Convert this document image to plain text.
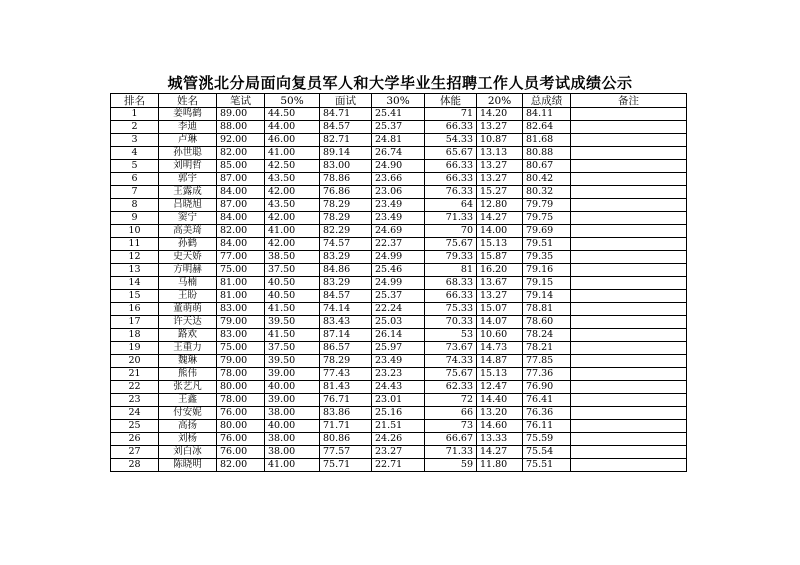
城管洮北分局面向复员军人和大学毕业生招聘工作人员考试成绩公示
排名	姓名	笔试	50%	面试	30%	体能	20%	总成绩	备注
1	姜鸣鹤	89.00	44.50	84.71	25.41	71	14.20	84.11	
2	李迪	88.00	44.00	84.57	25.37	66.33	13.27	82.64	
3	卢琳	92.00	46.00	82.71	24.81	54.33	10.87	81.68	
4	孙世聪	82.00	41.00	89.14	26.74	65.67	13.13	80.88	
5	刘明哲	85.00	42.50	83.00	24.90	66.33	13.27	80.67	
6	郭宇	87.00	43.50	78.86	23.66	66.33	13.27	80.42	
7	王露成	84.00	42.00	76.86	23.06	76.33	15.27	80.32	
8	吕晓旭	87.00	43.50	78.29	23.49	64	12.80	79.79	
9	窦宁	84.00	42.00	78.29	23.49	71.33	14.27	79.75	
10	高美琦	82.00	41.00	82.29	24.69	70	14.00	79.69	
11	孙鹤	84.00	42.00	74.57	22.37	75.67	15.13	79.51	
12	史天娇	77.00	38.50	83.29	24.99	79.33	15.87	79.35	
13	方明赫	75.00	37.50	84.86	25.46	81	16.20	79.16	
14	马楠	81.00	40.50	83.29	24.99	68.33	13.67	79.15	
15	王盼	81.00	40.50	84.57	25.37	66.33	13.27	79.14	
16	董萌萌	83.00	41.50	74.14	22.24	75.33	15.07	78.81	
17	许天达	79.00	39.50	83.43	25.03	70.33	14.07	78.60	
18	路欢	83.00	41.50	87.14	26.14	53	10.60	78.24	
19	王重力	75.00	37.50	86.57	25.97	73.67	14.73	78.21	
20	魏琳	79.00	39.50	78.29	23.49	74.33	14.87	77.85	
21	熊伟	78.00	39.00	77.43	23.23	75.67	15.13	77.36	
22	张艺凡	80.00	40.00	81.43	24.43	62.33	12.47	76.90	
23	王鑫	78.00	39.00	76.71	23.01	72	14.40	76.41	
24	付安妮	76.00	38.00	83.86	25.16	66	13.20	76.36	
25	高扬	80.00	40.00	71.71	21.51	73	14.60	76.11	
26	刘杨	76.00	38.00	80.86	24.26	66.67	13.33	75.59	
27	刘白冰	76.00	38.00	77.57	23.27	71.33	14.27	75.54	
28	陈晓明	82.00	41.00	75.71	22.71	59	11.80	75.51	
